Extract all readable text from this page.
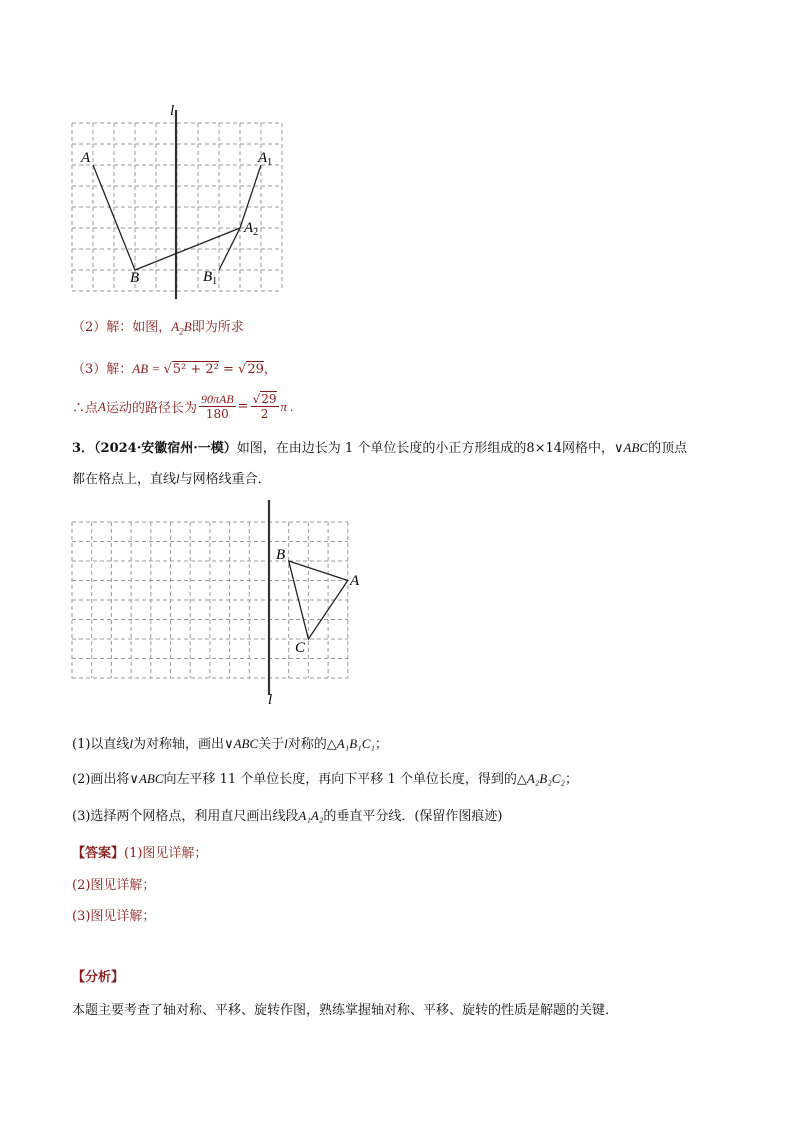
l
A	$A_1$
$A_2$
B	$B_1$
（2）解：如图，$A_2B$即为所求
（3）解：AB = √5² + 2² = √29，
∴点 A 运动的路径长为 $\frac{\text{90πAB}}{180} = \frac{√29}{2}$ π .
3．（2024·安徽宿州·一模）如图，在由边长为 1 个单位长度的小正方形组成的8×14网格中，∨ABC的顶点
都在格点上，直线l与网格线重合．
B
A
C
l
(1)以直线l为对称轴，画出∨ABC关于l对称的△A₁B₁C₁；
(2)画出将∨ABC向左平移 11 个单位长度，再向下平移 1 个单位长度，得到的△A₂B₂C₂；
(3)选择两个网格点，利用直尺画出线段A₁A₂的垂直平分线．(保留作图痕迹)
【答案】(1)图见详解；
(2)图见详解；
(3)图见详解；
【分析】
本题主要考查了轴对称、平移、旋转作图，熟练掌握轴对称、平移、旋转的性质是解题的关键．
